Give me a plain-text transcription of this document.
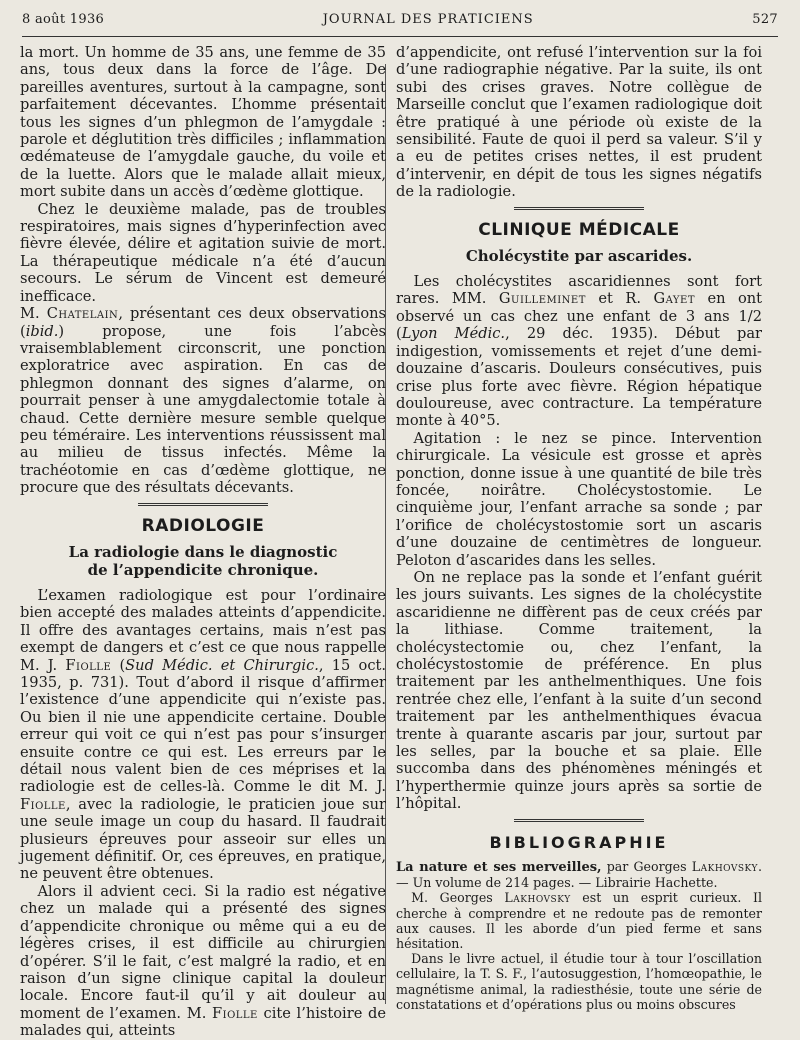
8 août 1936	JOURNAL DES PRATICIENS	527

la mort. Un homme de 35 ans, une femme de 35 ans, tous deux dans la force de l’âge. De pareilles aventures, surtout à la campagne, sont parfaitement décevantes. L’homme présentait tous les signes d’un phlegmon de l’amygdale : parole et déglutition très difficiles ; inflammation œdémateuse de l’amygdale gauche, du voile et de la luette. Alors que le malade allait mieux, mort subite dans un accès d’œdème glottique.

Chez le deuxième malade, pas de troubles respiratoires, mais signes d’hyperinfection avec fièvre élevée, délire et agitation suivie de mort. La thérapeutique médicale n’a été d’aucun secours. Le sérum de Vincent est demeuré inefficace.

M. Chatelain, présentant ces deux observations (ibid.) propose, une fois l’abcès vraisemblablement circonscrit, une ponction exploratrice avec aspiration. En cas de phlegmon donnant des signes d’alarme, on pourrait penser à une amygdalectomie totale à chaud. Cette dernière mesure semble quelque peu téméraire. Les interventions réussissent mal au milieu de tissus infectés. Même la trachéotomie en cas d’œdème glottique, ne procure que des résultats décevants.

RADIOLOGIE
La radiologie dans le diagnostic
de l’appendicite chronique.

L’examen radiologique est pour l’ordinaire bien accepté des malades atteints d’appendicite. Il offre des avantages certains, mais n’est pas exempt de dangers et c’est ce que nous rappelle M. J. Fiolle (Sud Médic. et Chirurgic., 15 oct. 1935, p. 731). Tout d’abord il risque d’affirmer l’existence d’une appendicite qui n’existe pas. Ou bien il nie une appendicite certaine. Double erreur qui voit ce qui n’est pas pour s’insurger ensuite contre ce qui est. Les erreurs par le détail nous valent bien de ces méprises et la radiologie est de celles-là. Comme le dit M. J. Fiolle, avec la radiologie, le praticien joue sur une seule image un coup du hasard. Il faudrait plusieurs épreuves pour asseoir sur elles un jugement définitif. Or, ces épreuves, en pratique, ne peuvent être obtenues.

Alors il advient ceci. Si la radio est négative chez un malade qui a présenté des signes d’appendicite chronique ou même qui a eu de légères crises, il est difficile au chirurgien d’opérer. S’il le fait, c’est malgré la radio, et en raison d’un signe clinique capital la douleur locale. Encore faut-il qu’il y ait douleur au moment de l’examen. M. Fiolle cite l’histoire de malades qui, atteints

d’appendicite, ont refusé l’intervention sur la foi d’une radiographie négative. Par la suite, ils ont subi des crises graves. Notre collègue de Marseille conclut que l’examen radiologique doit être pratiqué à une période où existe de la sensibilité. Faute de quoi il perd sa valeur. S’il y a eu de petites crises nettes, il est prudent d’intervenir, en dépit de tous les signes négatifs de la radiologie.

CLINIQUE MÉDICALE
Cholécystite par ascarides.

Les cholécystites ascaridiennes sont fort rares. MM. Guilleminet et R. Gayet en ont observé un cas chez une enfant de 3 ans 1/2 (Lyon Médic., 29 déc. 1935). Début par indigestion, vomissements et rejet d’une demi-douzaine d’ascaris. Douleurs consécutives, puis crise plus forte avec fièvre. Région hépatique douloureuse, avec contracture. La température monte à 40°5.

Agitation : le nez se pince. Intervention chirurgicale. La vésicule est grosse et après ponction, donne issue à une quantité de bile très foncée, noirâtre. Cholécystostomie. Le cinquième jour, l’enfant arrache sa sonde ; par l’orifice de cholécystostomie sort un ascaris d’une douzaine de centimètres de longueur. Peloton d’ascarides dans les selles.

On ne replace pas la sonde et l’enfant guérit les jours suivants. Les signes de la cholécystite ascaridienne ne diffèrent pas de ceux créés par la lithiase. Comme traitement, la cholécystectomie ou, chez l’enfant, la cholécystostomie de préférence. En plus traitement par les anthelmenthiques. Une fois rentrée chez elle, l’enfant à la suite d’un second traitement par les anthelmenthiques évacua trente à quarante ascaris par jour, surtout par les selles, par la bouche et sa plaie. Elle succomba dans des phénomènes méningés et l’hyperthermie quinze jours après sa sortie de l’hôpital.

BIBLIOGRAPHIE

La nature et ses merveilles, par Georges Lakhovsky. — Un volume de 214 pages. — Librairie Hachette.

M. Georges Lakhovsky est un esprit curieux. Il cherche à comprendre et ne redoute pas de remonter aux causes. Il les aborde d’un pied ferme et sans hésitation.

Dans le livre actuel, il étudie tour à tour l’oscillation cellulaire, la T. S. F., l’autosuggestion, l’homœopathie, le magnétisme animal, la radiesthésie, toute une série de constatations et d’opérations plus ou moins obscures
